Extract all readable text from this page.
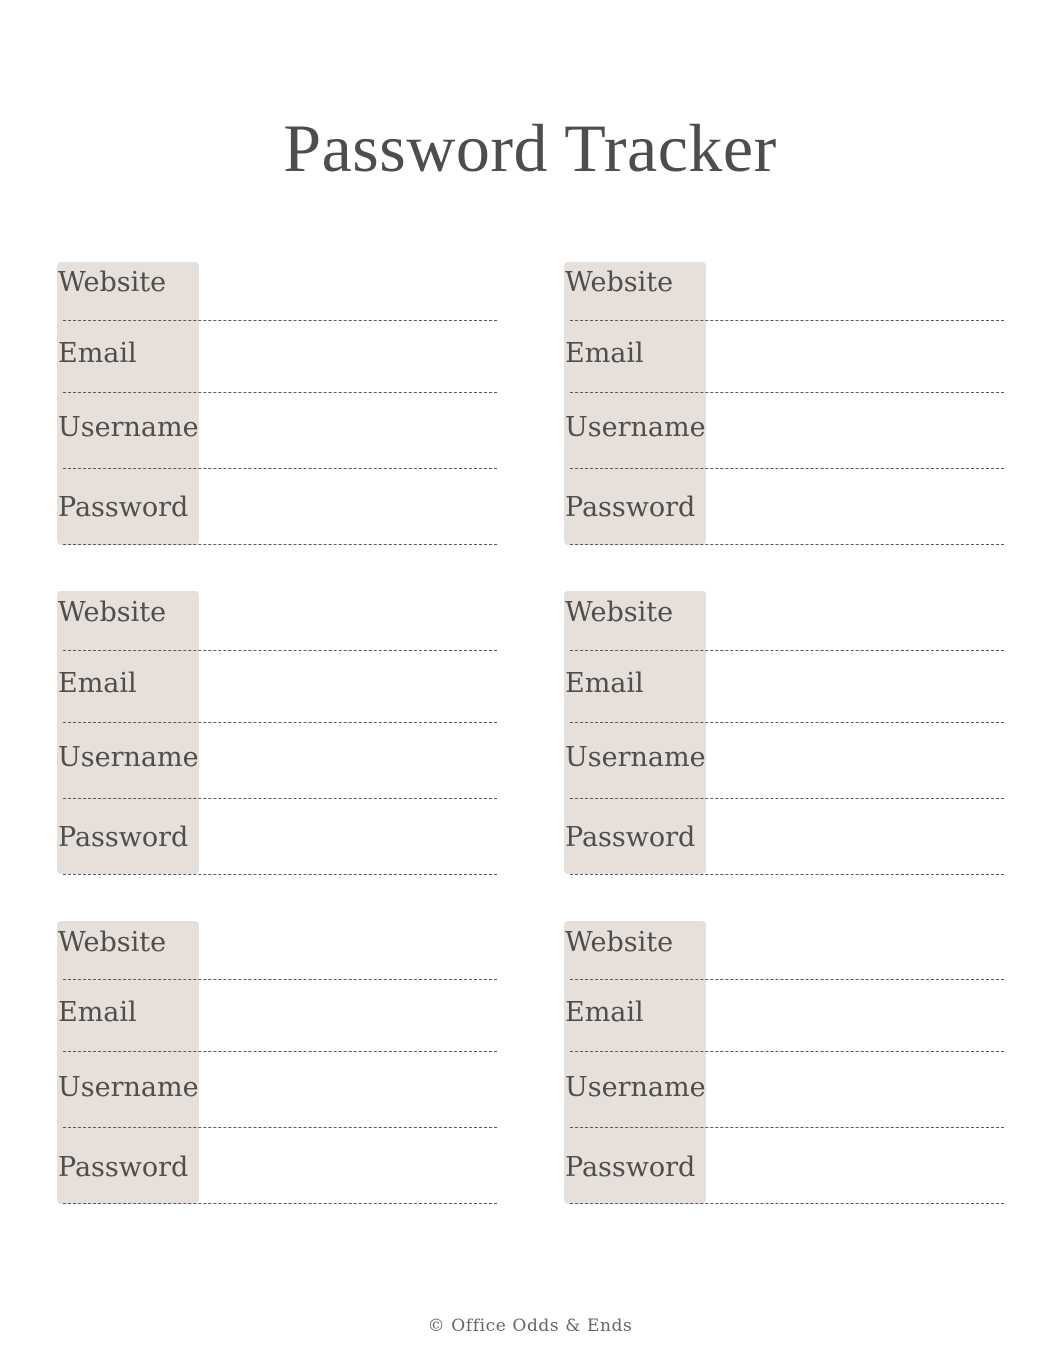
Password Tracker
Website
Email
Username
Password
Website
Email
Username
Password
Website
Email
Username
Password
Website
Email
Username
Password
Website
Email
Username
Password
Website
Email
Username
Password
© Office Odds & Ends
